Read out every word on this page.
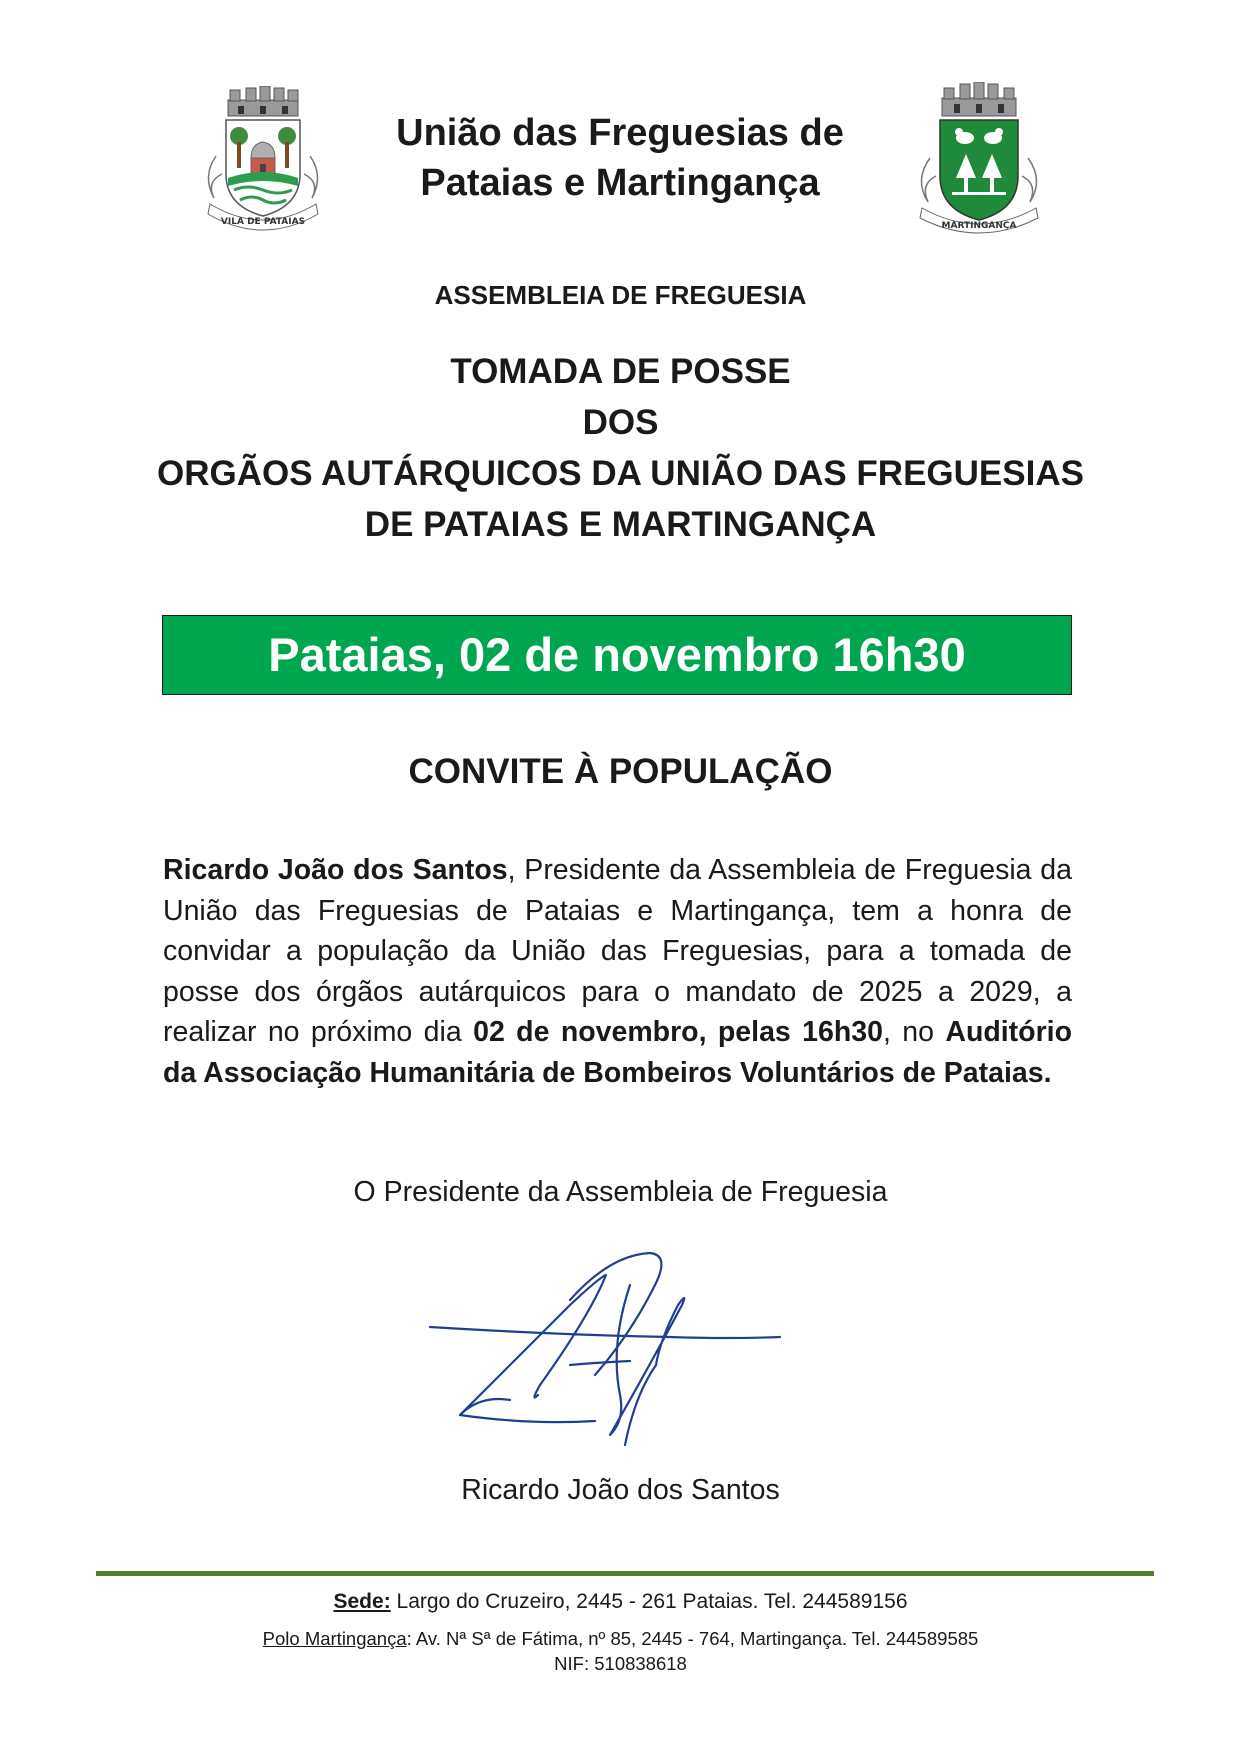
VILA DE PATAIAS	MARTINGANÇA
União das Freguesias de
Pataias e Martingança
ASSEMBLEIA DE FREGUESIA
TOMADA DE POSSE
DOS
ORGÃOS AUTÁRQUICOS DA UNIÃO DAS FREGUESIAS
DE PATAIAS E MARTINGANÇA
Pataias, 02 de novembro 16h30
CONVITE À POPULAÇÃO
Ricardo João dos Santos, Presidente da Assembleia de Freguesia da União das Freguesias de Pataias e Martingança, tem a honra de convidar a população da União das Freguesias, para a tomada de posse dos órgãos autárquicos para o mandato de 2025 a 2029, a realizar no próximo dia 02 de novembro, pelas 16h30, no Auditório da Associação Humanitária de Bombeiros Voluntários de Pataias.
O Presidente da Assembleia de Freguesia
Ricardo João dos Santos
Sede: Largo do Cruzeiro, 2445 - 261 Pataias. Tel. 244589156
Polo Martingança: Av. Nª Sª de Fátima, nº 85, 2445 - 764, Martingança. Tel. 244589585
NIF: 510838618
